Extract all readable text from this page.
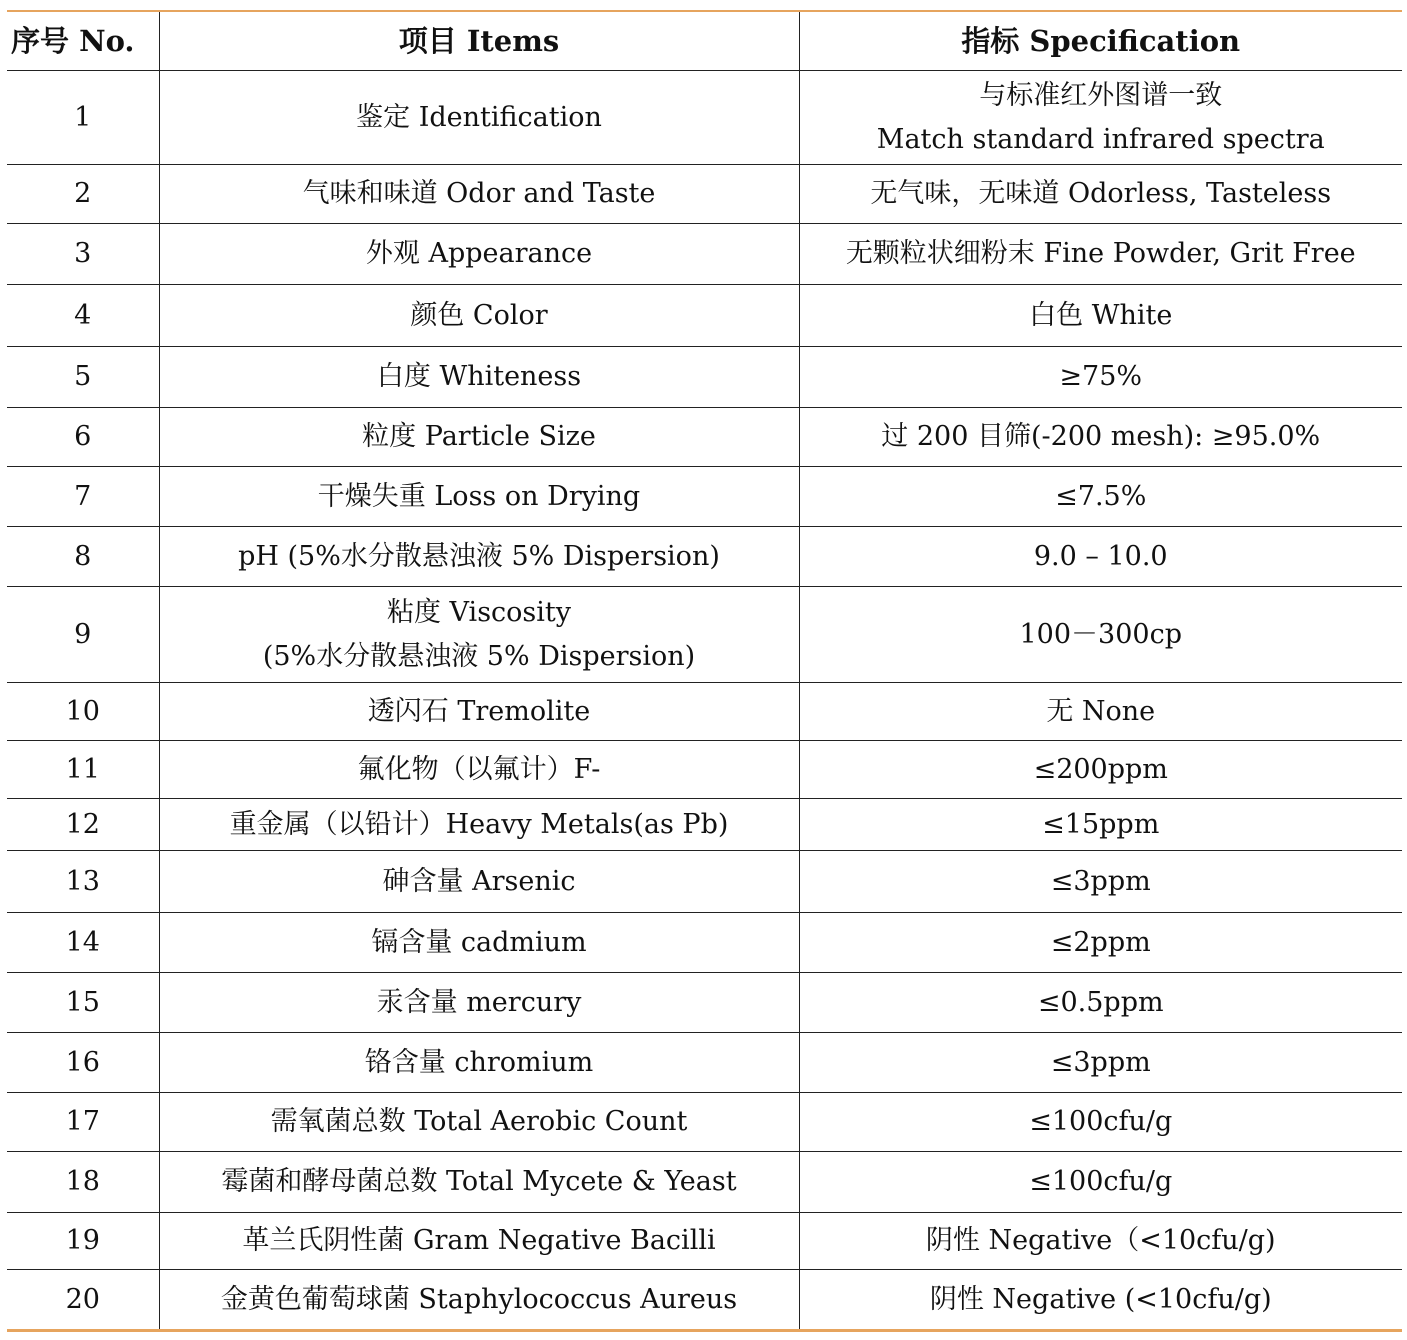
序号 No.	项目 Items	指标 Specification
1	鉴定 Identification	与标准红外图谱一致
Match standard infrared spectra

2	气味和味道 Odor and Taste	无气味，无味道 Odorless, Tasteless

3	外观 Appearance	无颗粒状细粉末 Fine Powder, Grit Free

4	颜色 Color	白色 White

5	白度 Whiteness	≥75%

6	粒度 Particle Size	过 200 目筛(-200 mesh): ≥95.0%

7	干燥失重 Loss on Drying	≤7.5%

8	pH (5%水分散悬浊液 5% Dispersion)	9.0 – 10.0

9	粘度 Viscosity
(5%水分散悬浊液 5% Dispersion)	100－300cp

10	透闪石 Tremolite	无 None

11	氟化物（以氟计）F-	≤200ppm

12	重金属（以铅计）Heavy Metals(as Pb)	≤15ppm

13	砷含量 Arsenic	≤3ppm

14	镉含量 cadmium	≤2ppm

15	汞含量 mercury	≤0.5ppm

16	铬含量 chromium	≤3ppm

17	需氧菌总数 Total Aerobic Count	≤100cfu/g

18	霉菌和酵母菌总数 Total Mycete & Yeast	≤100cfu/g

19	革兰氏阴性菌 Gram Negative Bacilli	阴性 Negative（<10cfu/g)

20	金黄色葡萄球菌 Staphylococcus Aureus	阴性 Negative (<10cfu/g)
